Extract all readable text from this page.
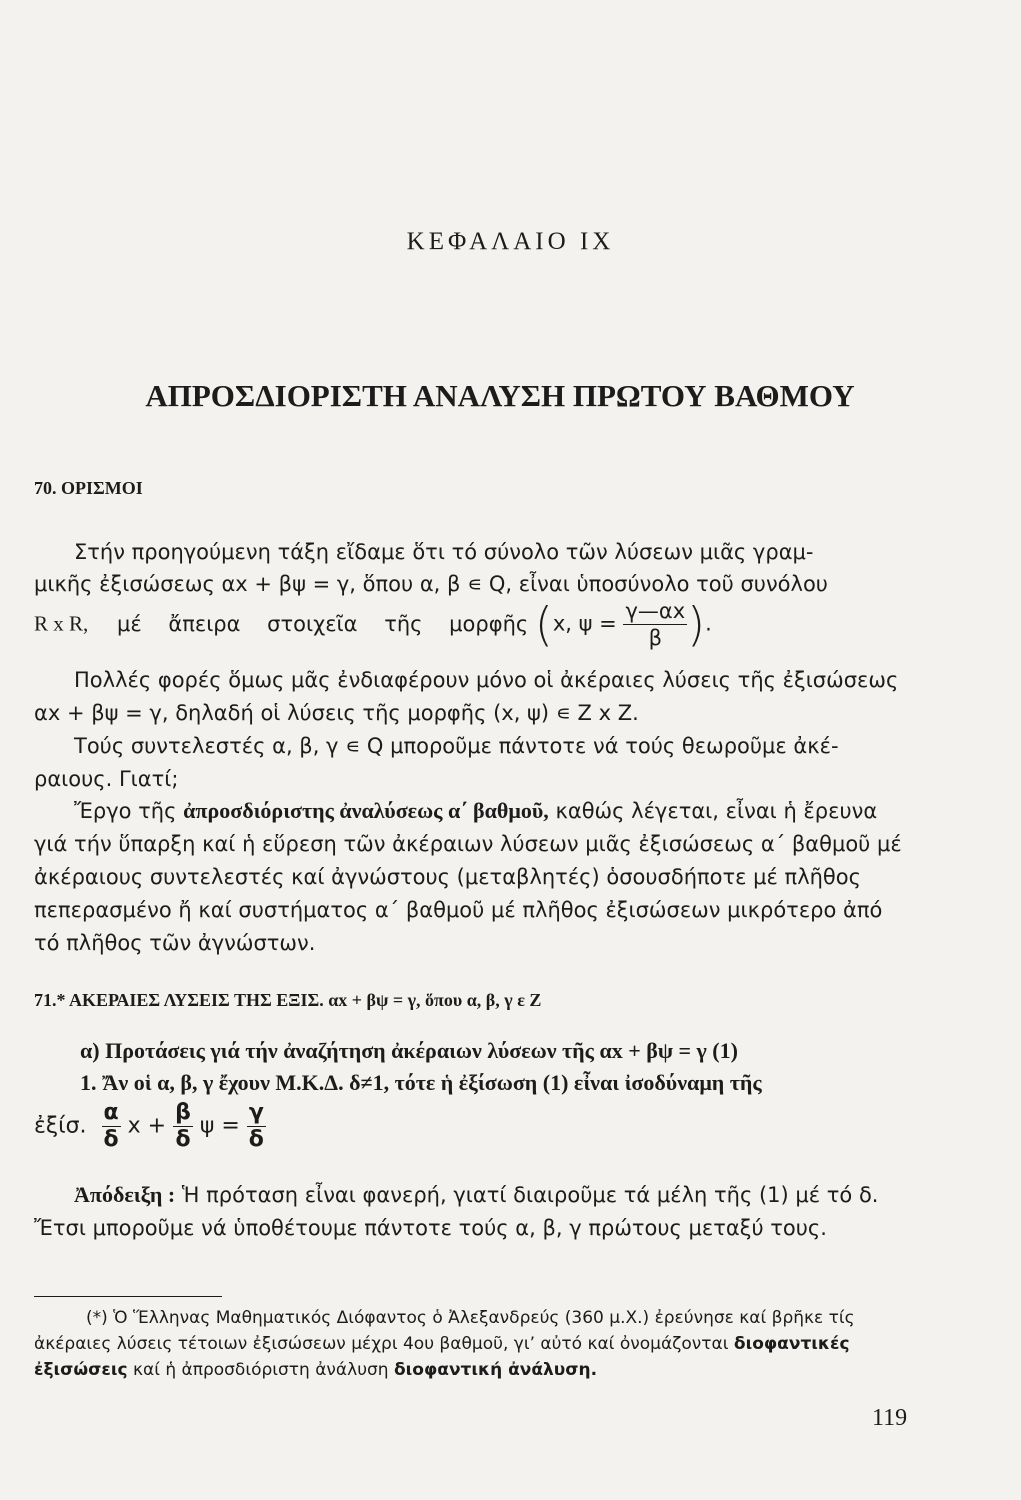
ΚΕΦΑΛΑΙΟ ΙΧ
ΑΠΡΟΣΔΙΟΡΙΣΤΗ ΑΝΑΛΥΣΗ ΠΡΩΤΟΥ ΒΑΘΜΟΥ
70. ΟΡΙΣΜΟΙ
Στήν προηγούμενη τάξη εἴδαμε ὅτι τό σύνολο τῶν λύσεων μιᾶς γραμ-
μικῆς ἐξισώσεως αx + βψ = γ, ὅπου α, β ∊ Q, εἶναι ὑποσύνολο τοῦ συνόλου
R x R, μέ ἄπειρα στοιχεῖα τῆς μορφῆς (x, $\psi = \frac{\gamma—\alpha x}{\beta}$ ).
Πολλές φορές ὅμως μᾶς ἐνδιαφέρουν μόνο οἱ ἀκέραιες λύσεις τῆς ἐξισώσεως αx + βψ = γ, δηλαδή οἱ λύσεις τῆς μορφῆς (x, ψ) ∊ Z x Z.
Τούς συντελεστές α, β, γ ∊ Q μποροῦμε πάντοτε νά τούς θεωροῦμε ἀκέ-ραιους. Γιατί;
Ἔργο τῆς ἀπροσδιόριστης ἀναλύσεως α΄ βαθμοῦ, καθώς λέγεται, εἶναι ἡ ἔρευνα γιά τήν ὕπαρξη καί ἡ εὕρεση τῶν ἀκέραιων λύσεων μιᾶς ἐξισώσεως α΄ βαθμοῦ μέ ἀκέραιους συντελεστές καί ἀγνώστους (μεταβλητές) ὁσουσδήποτε μέ πλῆθος πεπερασμένο ἤ καί συστήματος α΄ βαθμοῦ μέ πλῆθος ἐξισώσεων μικρότερο ἀπό τό πλῆθος τῶν ἀγνώστων.
71.* ΑΚΕΡΑΙΕΣ ΛΥΣΕΙΣ ΤΗΣ ΕΞΙΣ. αx + βψ = γ, ὅπου α, β, γ ε Z
α) Προτάσεις γιά τήν ἀναζήτηση ἀκέραιων λύσεων τῆς αx + βψ = γ (1)
1. Ἄν οἱ α, β, γ ἔχουν Μ.Κ.Δ. δ≠1, τότε ἡ ἐξίσωση (1) εἶναι ἰσοδύναμη τῆς
ἐξίσ. $\frac{\alpha}{\delta}$ $x + \frac{\beta}{\delta}$ $\psi = \frac{\gamma}{\delta}$
Ἀπόδειξη : Ἡ πρόταση εἶναι φανερή, γιατί διαιροῦμε τά μέλη τῆς (1) μέ τό δ. Ἔτσι μποροῦμε νά ὑποθέτουμε πάντοτε τούς α, β, γ πρώτους μεταξύ τους.
(*) Ὁ Ἕλληνας Μαθηματικός Διόφαντος ὁ Ἀλεξανδρεύς (360 μ.Χ.) ἐρεύνησε καί βρῆκε τίς ἀκέραιες λύσεις τέτοιων ἐξισώσεων μέχρι 4ου βαθμοῦ, γι’ αὐτό καί ὀνομάζονται διοφαντικές ἐξισώσεις καί ἡ ἀπροσδιόριστη ἀνάλυση διοφαντική ἀνάλυση.
119
